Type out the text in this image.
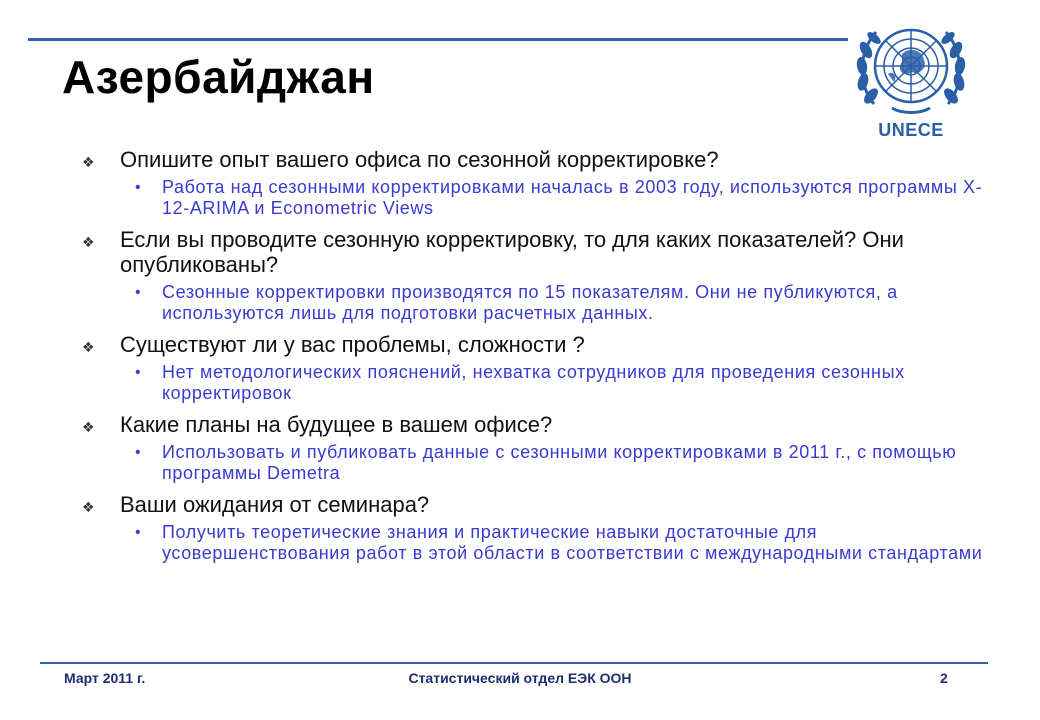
Азербайджан
UNECE
❖ Опишите опыт вашего офиса по сезонной корректировке?
• Работа над сезонными корректировками началась в 2003 году, используются программы X-12-ARIMA и Econometric Views
❖ Если вы проводите сезонную корректировку, то для каких показателей? Они опубликованы?
• Сезонные корректировки производятся по 15 показателям. Они не публикуются, а используются лишь для подготовки расчетных данных.
❖ Существуют ли у вас проблемы, сложности ?
• Нет методологических пояснений, нехватка сотрудников для проведения сезонных корректировок
❖ Какие планы на будущее в вашем офисе?
• Использовать и публиковать данные с сезонными корректировками в 2011 г., с помощью программы Demetra
❖ Ваши ожидания от семинара?
• Получить теоретические знания и практические навыки достаточные для усовершенствования работ в этой области в соответствии с международными стандартами
Март 2011 г.	Статистический отдел ЕЭК ООН	2
